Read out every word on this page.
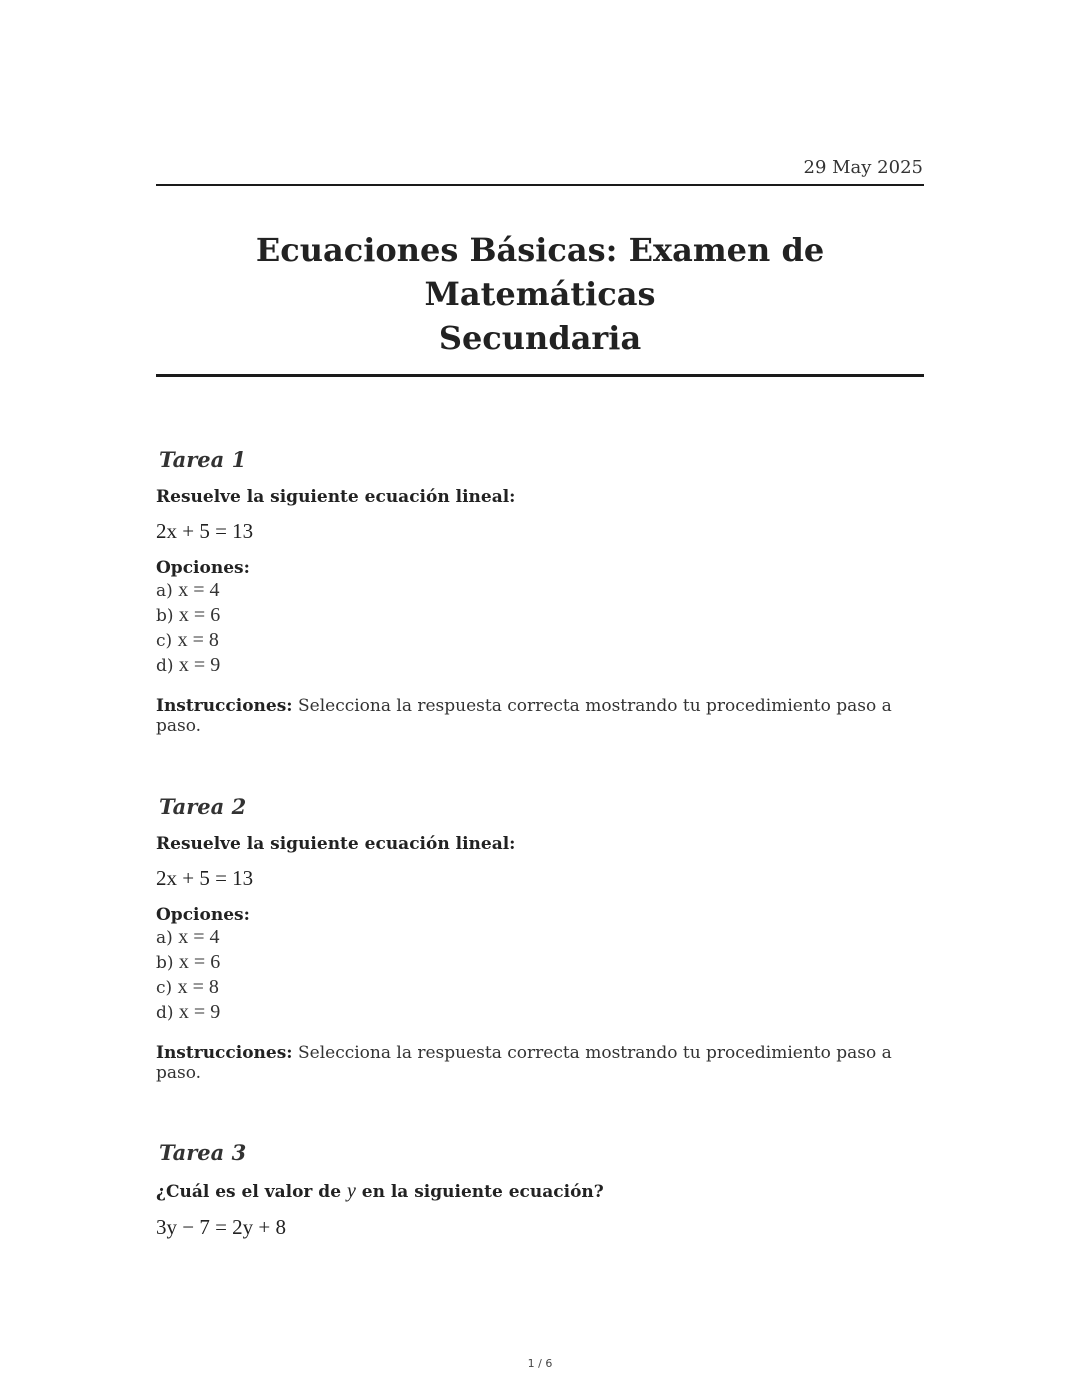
29 May 2025
Ecuaciones Básicas: Examen de Matemáticas
Secundaria
Tarea 1
Resuelve la siguiente ecuación lineal:
2x + 5 = 13
Opciones:
a) x = 4
b) x = 6
c) x = 8
d) x = 9
Instrucciones: Selecciona la respuesta correcta mostrando tu procedimiento paso a paso.
Tarea 2
Resuelve la siguiente ecuación lineal:
2x + 5 = 13
Opciones:
a) x = 4
b) x = 6
c) x = 8
d) x = 9
Instrucciones: Selecciona la respuesta correcta mostrando tu procedimiento paso a paso.
Tarea 3
¿Cuál es el valor de y en la siguiente ecuación?
3y − 7 = 2y + 8
1 / 6
